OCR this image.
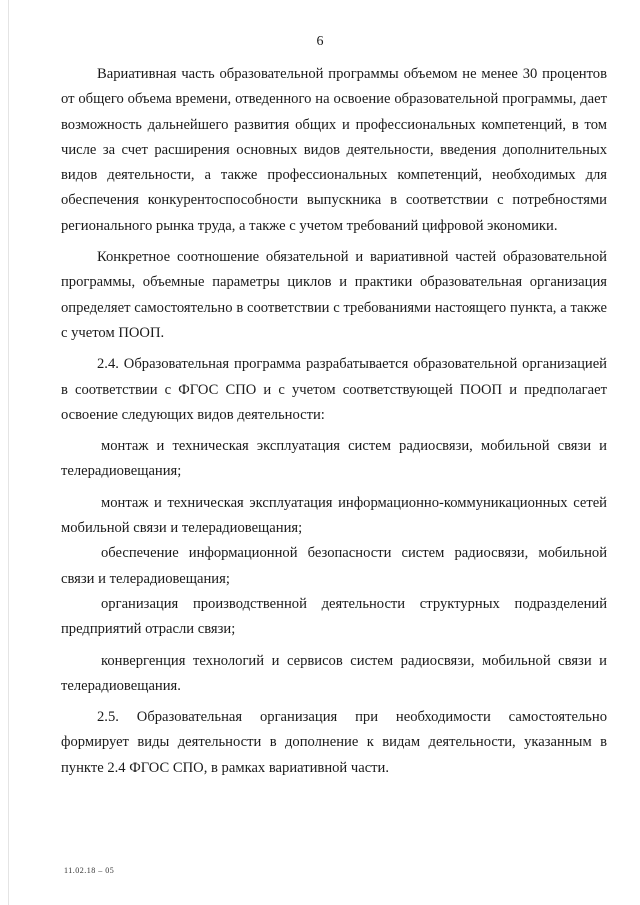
6

Вариативная часть образовательной программы объемом не менее 30 процентов от общего объема времени, отведенного на освоение образовательной программы, дает возможность дальнейшего развития общих и профессиональных компетенций, в том числе за счет расширения основных видов деятельности, введения дополнительных видов деятельности, а также профессиональных компетенций, необходимых для обеспечения конкурентоспособности выпускника в соответствии с потребностями регионального рынка труда, а также с учетом требований цифровой экономики.

Конкретное соотношение обязательной и вариативной частей образовательной программы, объемные параметры циклов и практики образовательная организация определяет самостоятельно в соответствии с требованиями настоящего пункта, а также с учетом ПООП.

2.4. Образовательная программа разрабатывается образовательной организацией в соответствии с ФГОС СПО и с учетом соответствующей ПООП и предполагает освоение следующих видов деятельности:

монтаж и техническая эксплуатация систем радиосвязи, мобильной связи и телерадиовещания;

монтаж и техническая эксплуатация информационно-коммуникационных сетей мобильной связи и телерадиовещания;

обеспечение информационной безопасности систем радиосвязи, мобильной связи и телерадиовещания;

организация производственной деятельности структурных подразделений предприятий отрасли связи;

конвергенция технологий и сервисов систем радиосвязи, мобильной связи и телерадиовещания.

2.5. Образовательная организация при необходимости самостоятельно формирует виды деятельности в дополнение к видам деятельности, указанным в пункте 2.4 ФГОС СПО, в рамках вариативной части.

11.02.18 – 05
